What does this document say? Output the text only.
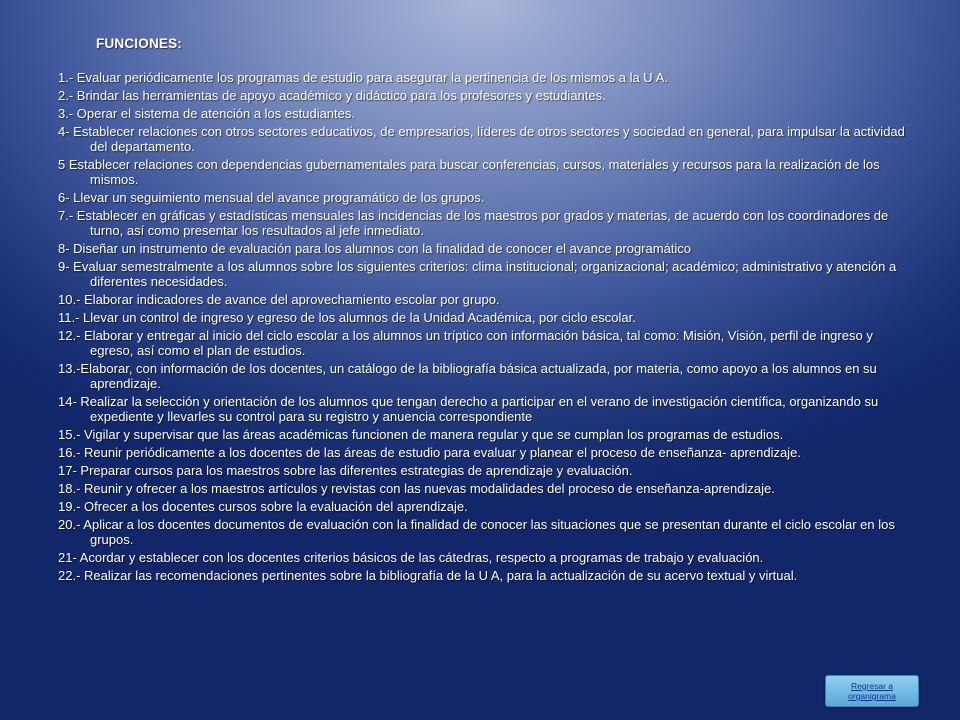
FUNCIONES:
1.- Evaluar periódicamente los programas de estudio para asegurar la pertinencia de los mismos a la U A.
2.- Brindar las herramientas de apoyo académico y didáctico para los profesores y estudiantes.
3.- Operar el sistema de atención a los estudiantes.
4- Establecer relaciones con otros sectores educativos, de empresarios, líderes de otros sectores y sociedad en general, para impulsar la actividad del departamento.
5 Establecer relaciones con dependencias gubernamentales para buscar conferencias, cursos, materiales y recursos para la realización de los mismos.
6- Llevar un seguimiento mensual del avance programático de los grupos.
7.- Establecer en gráficas y estadísticas mensuales las incidencias de los maestros por grados y materias, de acuerdo con los coordinadores de turno, así como presentar los resultados al jefe inmediato.
8- Diseñar un instrumento de evaluación para los alumnos con la finalidad de conocer el avance programático
9- Evaluar semestralmente a los alumnos sobre los siguientes criterios: clima institucional; organizacional; académico; administrativo y atención a diferentes necesidades.
10.- Elaborar indicadores de avance del aprovechamiento escolar por grupo.
11.- Llevar un control de ingreso y egreso de los alumnos de la Unidad Académica, por ciclo escolar.
12.- Elaborar y entregar al inicio del ciclo escolar a los alumnos un tríptico con información básica, tal como: Misión, Visión, perfil de ingreso y egreso, así como el plan de estudios.
13.-Elaborar, con información de los docentes, un catálogo de la bibliografía básica actualizada, por materia, como apoyo a los alumnos en su aprendizaje.
14- Realizar la selección y orientación de los alumnos que tengan derecho a participar en el verano de investigación científica, organizando su expediente y llevarles su control para su registro y anuencia correspondiente
15.- Vigilar y supervisar que las áreas académicas funcionen de manera regular y que se cumplan los programas de estudios.
16.- Reunir periódicamente a los docentes de las áreas de estudio para evaluar y planear el proceso de enseñanza- aprendizaje.
17- Preparar cursos para los maestros sobre las diferentes estrategias de aprendizaje y evaluación.
18.- Reunir y ofrecer a los maestros artículos y revistas con las nuevas modalidades del proceso de enseñanza-aprendizaje.
19.- Ofrecer a los docentes cursos sobre la evaluación del aprendizaje.
20.- Aplicar a los docentes documentos de evaluación con la finalidad de conocer las situaciones que se presentan durante el ciclo escolar en los grupos.
21- Acordar y establecer con los docentes criterios básicos de las cátedras, respecto a programas de trabajo y evaluación.
22.- Realizar las recomendaciones pertinentes sobre la bibliografía de la U A, para la actualización de su acervo textual y virtual.
Regresar a organigrama
